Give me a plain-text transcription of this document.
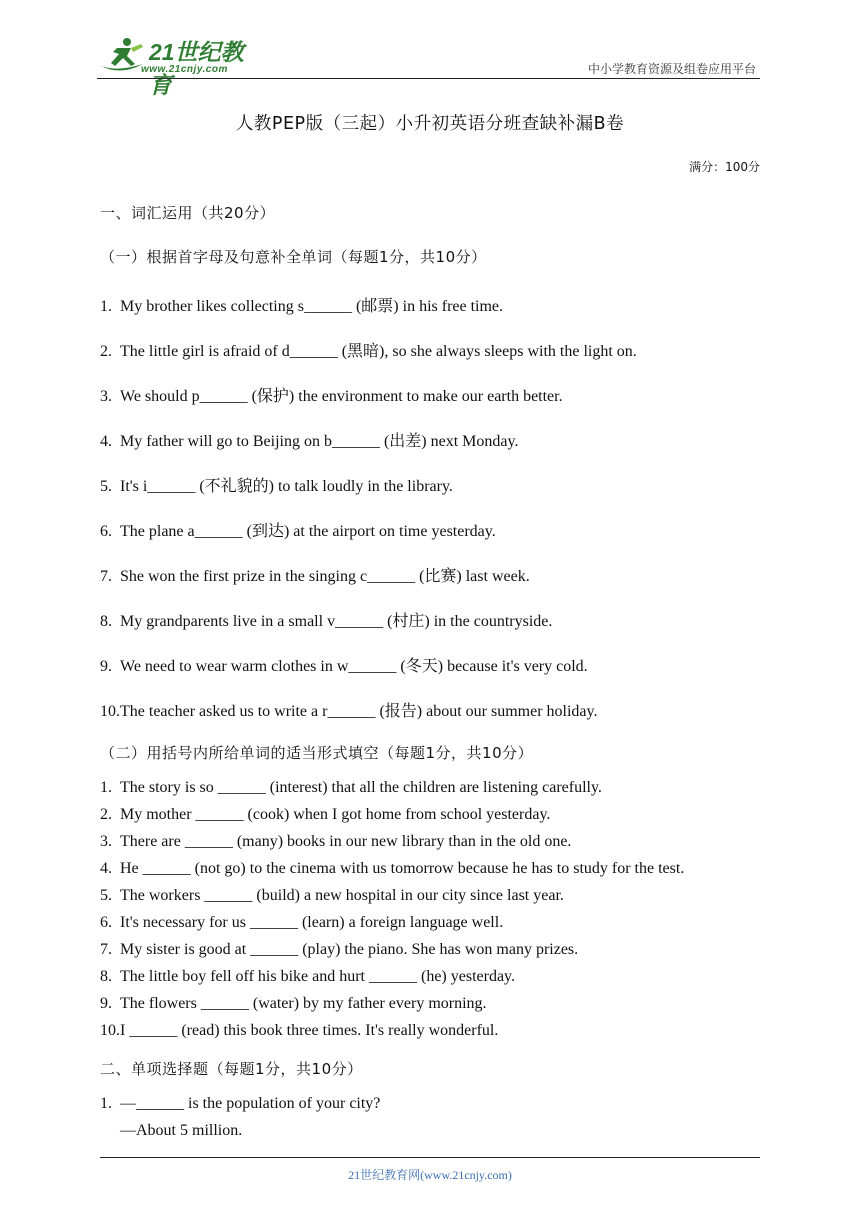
21世纪教育
www.21cnjy.com	中小学教育资源及组卷应用平台
人教PEP版（三起）小升初英语分班查缺补漏B卷
满分：100分
一、词汇运用（共20分）
（一）根据首字母及句意补全单词（每题1分，共10分）
1. My brother likes collecting s______ (邮票) in his free time.
2. The little girl is afraid of d______ (黑暗), so she always sleeps with the light on.
3. We should p______ (保护) the environment to make our earth better.
4. My father will go to Beijing on b______ (出差) next Monday.
5. It's i______ (不礼貌的) to talk loudly in the library.
6. The plane a______ (到达) at the airport on time yesterday.
7. She won the first prize in the singing c______ (比赛) last week.
8. My grandparents live in a small v______ (村庄) in the countryside.
9. We need to wear warm clothes in w______ (冬天) because it's very cold.
10.The teacher asked us to write a r______ (报告) about our summer holiday.
（二）用括号内所给单词的适当形式填空（每题1分，共10分）
1. The story is so ______ (interest) that all the children are listening carefully.
2. My mother ______ (cook) when I got home from school yesterday.
3. There are ______ (many) books in our new library than in the old one.
4. He ______ (not go) to the cinema with us tomorrow because he has to study for the test.
5. The workers ______ (build) a new hospital in our city since last year.
6. It's necessary for us ______ (learn) a foreign language well.
7. My sister is good at ______ (play) the piano. She has won many prizes.
8. The little boy fell off his bike and hurt ______ (he) yesterday.
9. The flowers ______ (water) by my father every morning.
10.I ______ (read) this book three times. It's really wonderful.
二、单项选择题（每题1分，共10分）
1. —______ is the population of your city?
—About 5 million.
21世纪教育网(www.21cnjy.com)
